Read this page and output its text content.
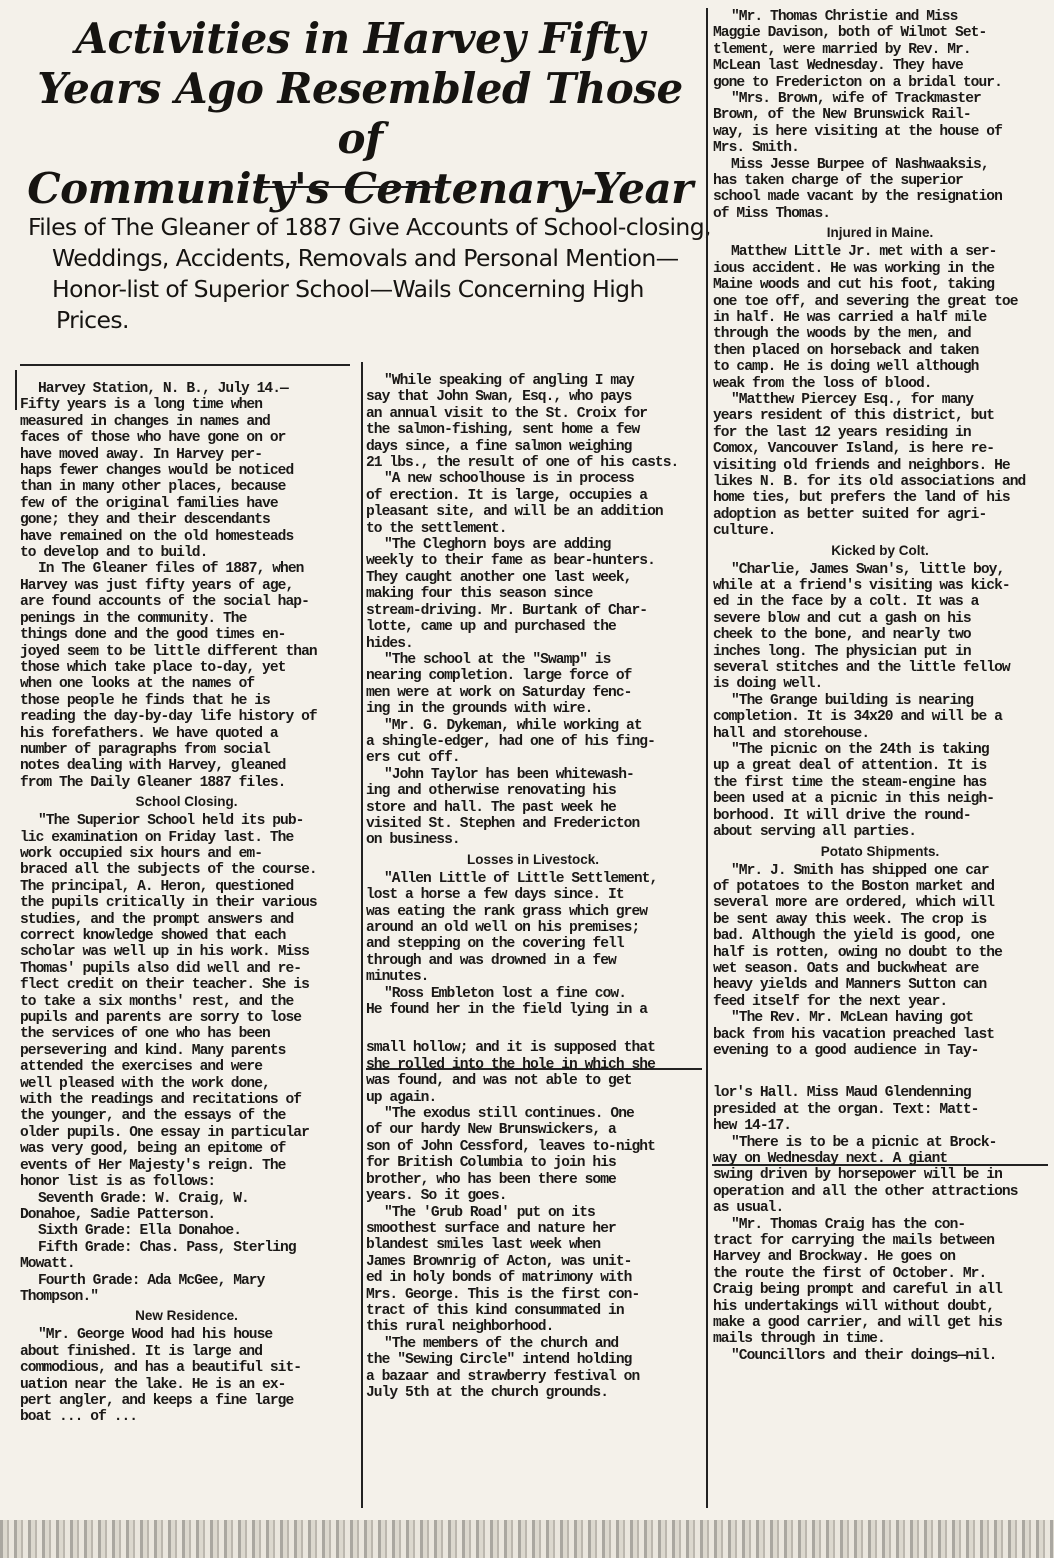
Activities in Harvey Fifty
Years Ago Resembled Those of
Community's Centenary-Year

Files of The Gleaner of 1887 Give Accounts of School-closing,
Weddings, Accidents, Removals and Personal Mention—
Honor-list of Superior School—Wails Concerning High
Prices.

Harvey Station, N. B., July 14.—
Fifty years is a long time when
measured in changes in names and
faces of those who have gone on or
have moved away. In Harvey per-
haps fewer changes would be noticed
than in many other places, because
few of the original families have
gone; they and their descendants
have remained on the old homesteads
to develop and to build.
In The Gleaner files of 1887, when
Harvey was just fifty years of age,
are found accounts of the social hap-
penings in the community. The
things done and the good times en-
joyed seem to be little different than
those which take place to-day, yet
when one looks at the names of
those people he finds that he is
reading the day-by-day life history of
his forefathers. We have quoted a
number of paragraphs from social
notes dealing with Harvey, gleaned
from The Daily Gleaner 1887 files.
School Closing.
"The Superior School held its pub-
lic examination on Friday last. The
work occupied six hours and em-
braced all the subjects of the course.
The principal, A. Heron, questioned
the pupils critically in their various
studies, and the prompt answers and
correct knowledge showed that each
scholar was well up in his work. Miss
Thomas' pupils also did well and re-
flect credit on their teacher. She is
to take a six months' rest, and the
pupils and parents are sorry to lose
the services of one who has been
persevering and kind. Many parents
attended the exercises and were
well pleased with the work done,
with the readings and recitations of
the younger, and the essays of the
older pupils. One essay in particular
was very good, being an epitome of
events of Her Majesty's reign. The
honor list is as follows:
Seventh Grade: W. Craig, W.
Donahoe, Sadie Patterson.
Sixth Grade: Ella Donahoe.
Fifth Grade: Chas. Pass, Sterling
Mowatt.
Fourth Grade: Ada McGee, Mary
Thompson."
New Residence.
"Mr. George Wood had his house
about finished. It is large and
commodious, and has a beautiful sit-
uation near the lake. He is an ex-
pert angler, and keeps a fine large
boat ... of ...
"While speaking of angling I may
say that John Swan, Esq., who pays
an annual visit to the St. Croix for
the salmon-fishing, sent home a few
days since, a fine salmon weighing
21 lbs., the result of one of his casts.
"A new schoolhouse is in process
of erection. It is large, occupies a
pleasant site, and will be an addition
to the settlement.
"The Cleghorn boys are adding
weekly to their fame as bear-hunters.
They caught another one last week,
making four this season since
stream-driving. Mr. Burtank of Char-
lotte, came up and purchased the
hides.
"The school at the "Swamp" is
nearing completion. large force of
men were at work on Saturday fenc-
ing in the grounds with wire.
"Mr. G. Dykeman, while working at
a shingle-edger, had one of his fing-
ers cut off.
"John Taylor has been whitewash-
ing and otherwise renovating his
store and hall. The past week he
visited St. Stephen and Fredericton
on business.
Losses in Livestock.
"Allen Little of Little Settlement,
lost a horse a few days since. It
was eating the rank grass which grew
around an old well on his premises;
and stepping on the covering fell
through and was drowned in a few
minutes.
"Ross Embleton lost a fine cow.
He found her in the field lying in a
small hollow; and it is supposed that
she rolled into the hole in which she
was found, and was not able to get
up again.
"The exodus still continues. One
of our hardy New Brunswickers, a
son of John Cessford, leaves to-night
for British Columbia to join his
brother, who has been there some
years. So it goes.
"The 'Grub Road' put on its
smoothest surface and nature her
blandest smiles last week when
James Brownrig of Acton, was unit-
ed in holy bonds of matrimony with
Mrs. George. This is the first con-
tract of this kind consummated in
this rural neighborhood.
"The members of the church and
the "Sewing Circle" intend holding
a bazaar and strawberry festival on
July 5th at the church grounds.
"Mr. Thomas Christie and Miss
Maggie Davison, both of Wilmot Set-
tlement, were married by Rev. Mr.
McLean last Wednesday. They have
gone to Fredericton on a bridal tour.
"Mrs. Brown, wife of Trackmaster
Brown, of the New Brunswick Rail-
way, is here visiting at the house of
Mrs. Smith.
Miss Jesse Burpee of Nashwaaksis,
has taken charge of the superior
school made vacant by the resignation
of Miss Thomas.
Injured in Maine.
Matthew Little Jr. met with a ser-
ious accident. He was working in the
Maine woods and cut his foot, taking
one toe off, and severing the great toe
in half. He was carried a half mile
through the woods by the men, and
then placed on horseback and taken
to camp. He is doing well although
weak from the loss of blood.
"Matthew Piercey Esq., for many
years resident of this district, but
for the last 12 years residing in
Comox, Vancouver Island, is here re-
visiting old friends and neighbors. He
likes N. B. for its old associations and
home ties, but prefers the land of his
adoption as better suited for agri-
culture.
Kicked by Colt.
"Charlie, James Swan's, little boy,
while at a friend's visiting was kick-
ed in the face by a colt. It was a
severe blow and cut a gash on his
cheek to the bone, and nearly two
inches long. The physician put in
several stitches and the little fellow
is doing well.
"The Grange building is nearing
completion. It is 34x20 and will be a
hall and storehouse.
"The picnic on the 24th is taking
up a great deal of attention. It is
the first time the steam-engine has
been used at a picnic in this neigh-
borhood. It will drive the round-
about serving all parties.
Potato Shipments.
"Mr. J. Smith has shipped one car
of potatoes to the Boston market and
several more are ordered, which will
be sent away this week. The crop is
bad. Although the yield is good, one
half is rotten, owing no doubt to the
wet season. Oats and buckwheat are
heavy yields and Manners Sutton can
feed itself for the next year.
"The Rev. Mr. McLean having got
back from his vacation preached last
evening to a good audience in Tay-
lor's Hall. Miss Maud Glendenning
presided at the organ. Text: Matt-
hew 14-17.
"There is to be a picnic at Brock-
way on Wednesday next. A giant
swing driven by horsepower will be in
operation and all the other attractions
as usual.
"Mr. Thomas Craig has the con-
tract for carrying the mails between
Harvey and Brockway. He goes on
the route the first of October. Mr.
Craig being prompt and careful in all
his undertakings will without doubt,
make a good carrier, and will get his
mails through in time.
"Councillors and their doings—nil.
